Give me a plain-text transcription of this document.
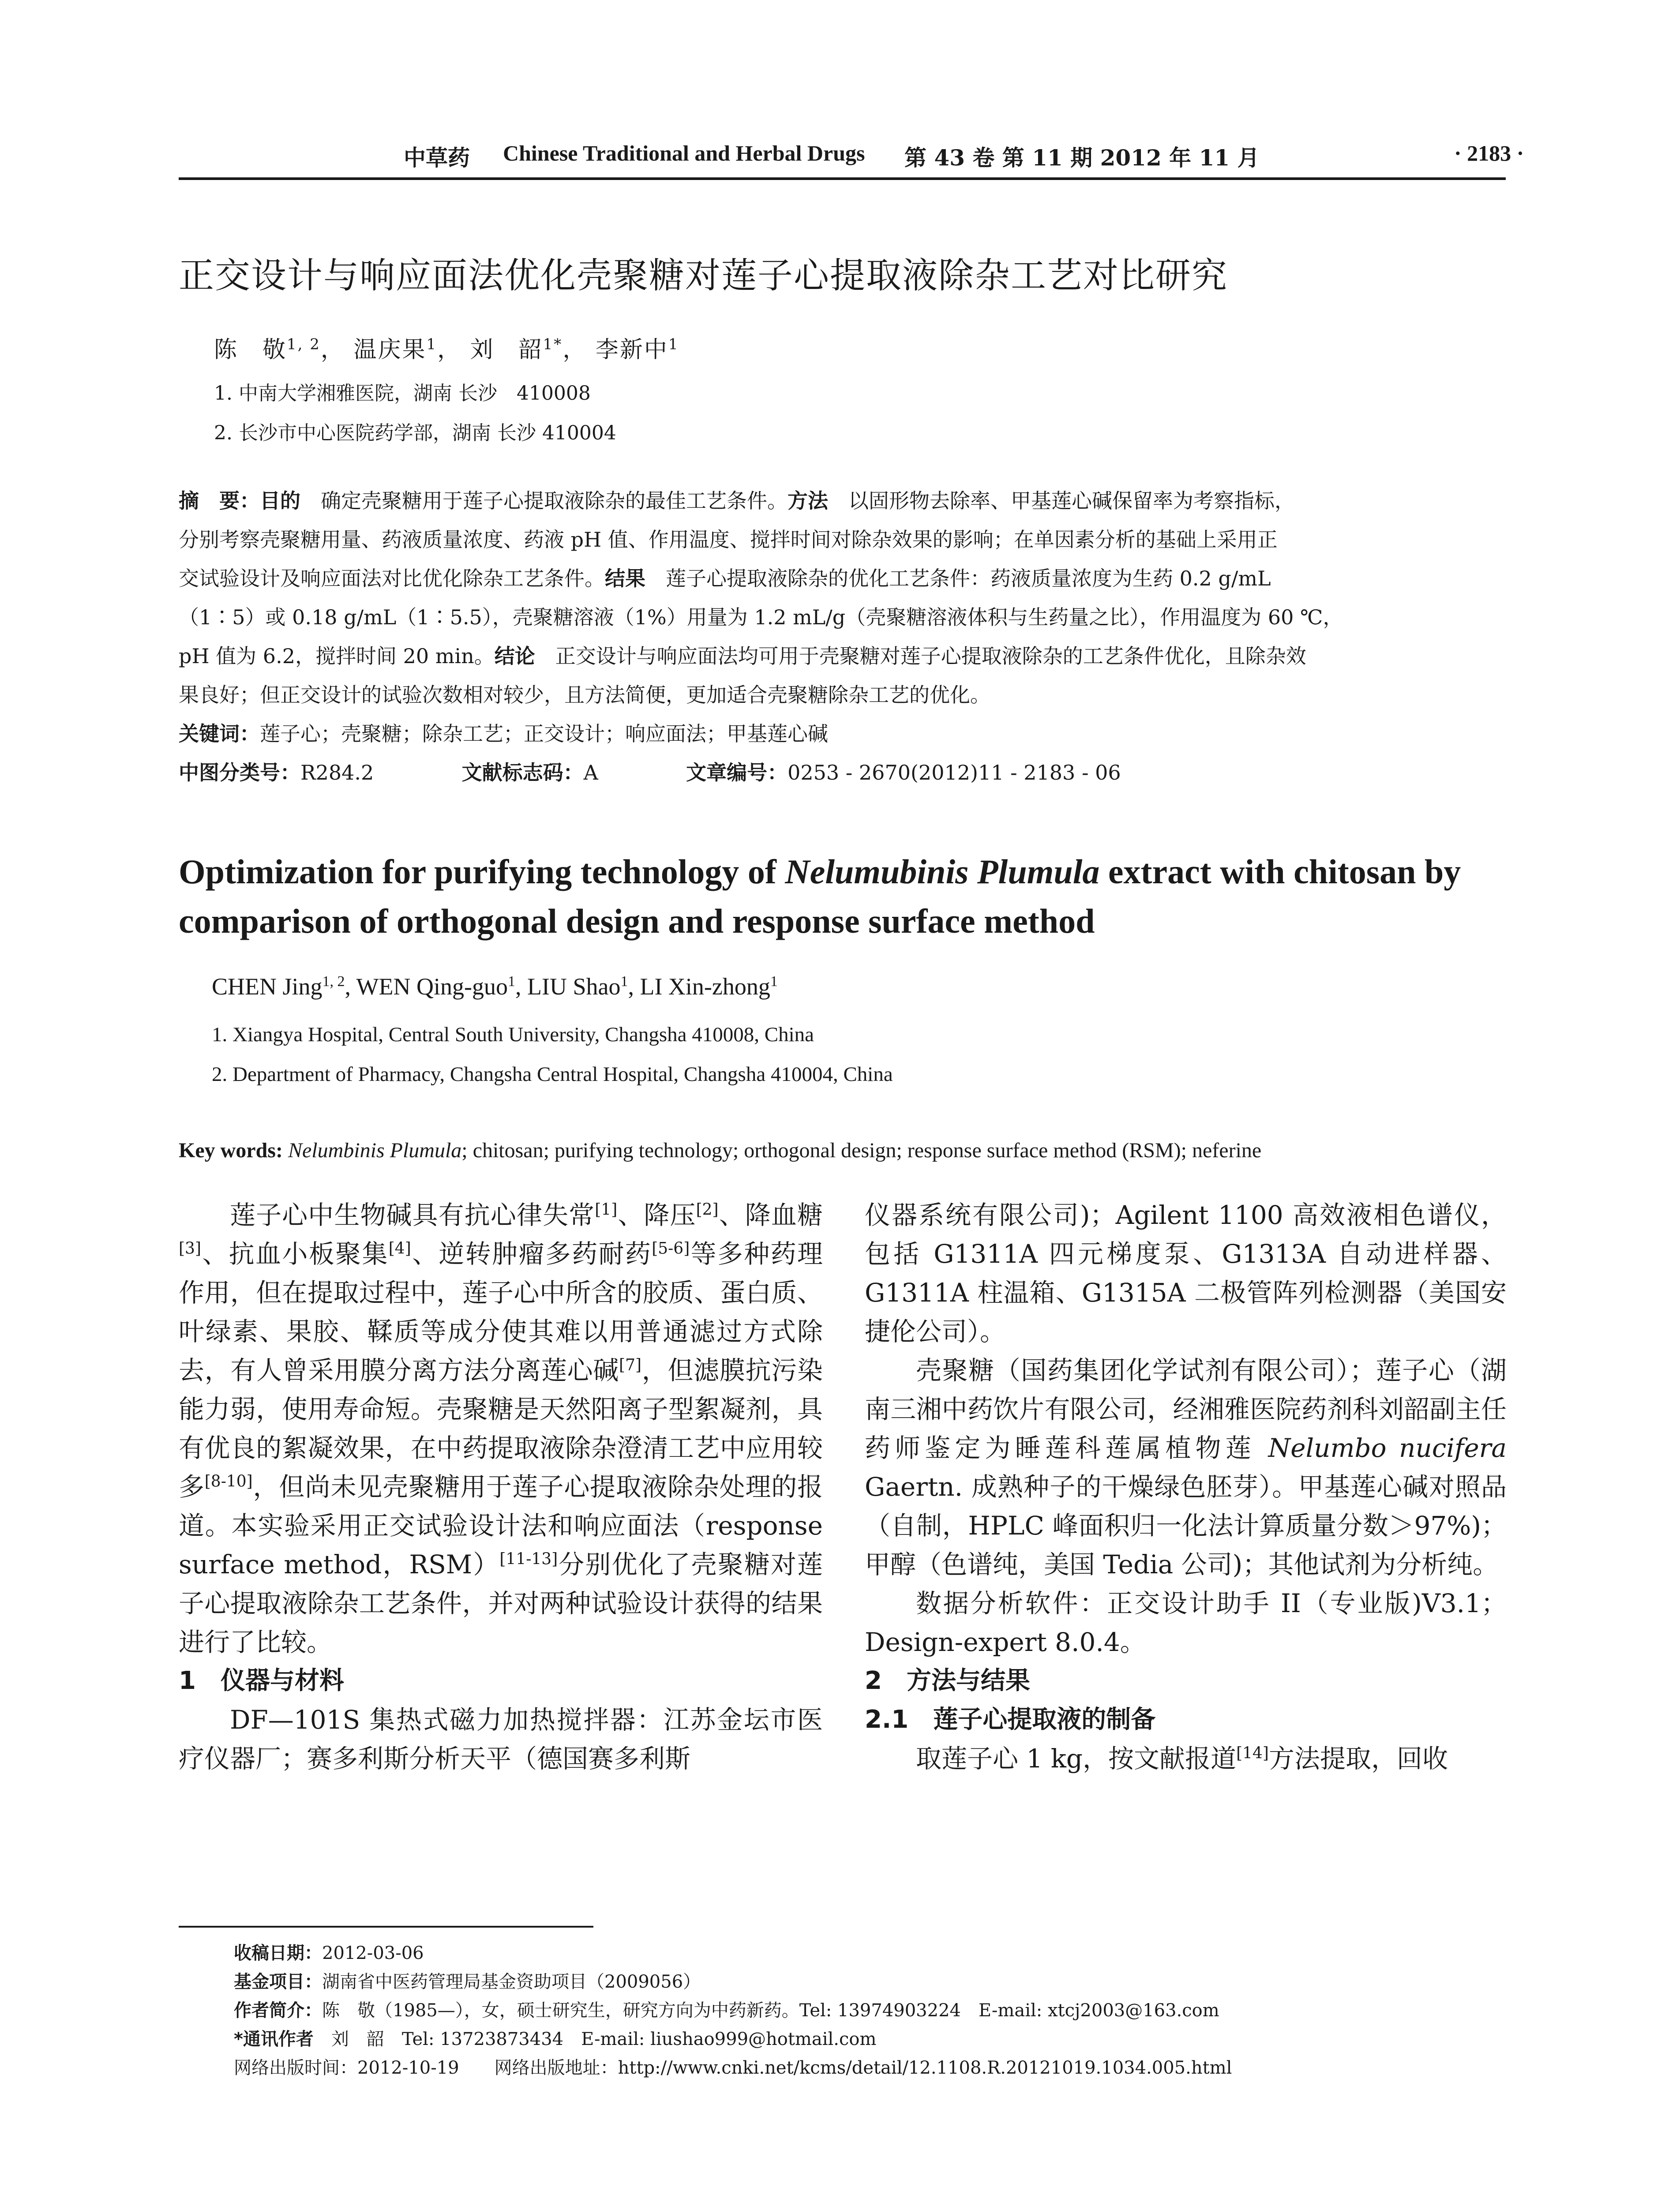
中草药 Chinese Traditional and Herbal Drugs 第 43 卷 第 11 期 2012 年 11 月	· 2183 ·
正交设计与响应面法优化壳聚糖对莲子心提取液除杂工艺对比研究
陈　敬$^{1, 2}$， 温庆果$^1$， 刘　韶$^{1*}$， 李新中$^1$
1. 中南大学湘雅医院，湖南 长沙　410008
2. 长沙市中心医院药学部，湖南 长沙 410004
摘　要：目的　 确定壳聚糖用于莲子心提取液除杂的最佳工艺条件。方法　 以固形物去除率、甲基莲心碱保留率为考察指标，
分别考察壳聚糖用量、药液质量浓度、药液 pH 值、作用温度、搅拌时间对除杂效果的影响；在单因素分析的基础上采用正
交试验设计及响应面法对比优化除杂工艺条件。结果　 莲子心提取液除杂的优化工艺条件：药液质量浓度为生药 0.2 g/mL
（1∶5）或 0.18 g/mL（1∶5.5），壳聚糖溶液（1%）用量为 1.2 mL/g（壳聚糖溶液体积与生药量之比），作用温度为 60 ℃，
pH 值为 6.2，搅拌时间 20 min。结论　 正交设计与响应面法均可用于壳聚糖对莲子心提取液除杂的工艺条件优化，且除杂效
果良好；但正交设计的试验次数相对较少，且方法简便，更加适合壳聚糖除杂工艺的优化。
关键词：莲子心；壳聚糖；除杂工艺；正交设计；响应面法；甲基莲心碱
中图分类号：R284.2	文献标志码：A	文章编号：0253 - 2670(2012)11 - 2183 - 06
Optimization for purifying technology of Nelumubinis Plumula extract with chitosan by comparison of orthogonal design and response surface method
CHEN Jing$^{1, 2}$, WEN Qing-guo$^1$, LIU Shao$^1$, LI Xin-zhong$^1$
1. Xiangya Hospital, Central South University, Changsha 410008, China
2. Department of Pharmacy, Changsha Central Hospital, Changsha 410004, China
Key words: Nelumbinis Plumula; chitosan; purifying technology; orthogonal design; response surface method (RSM); neferine

莲子心中生物碱具有抗心律失常[1]、降压[2]、降血糖[3]、抗血小板聚集[4]、逆转肿瘤多药耐药[5-6]等多种药理作用，但在提取过程中，莲子心中所含的胶质、蛋白质、叶绿素、果胶、鞣质等成分使其难以用普通滤过方式除去，有人曾采用膜分离方法分离莲心碱[7]，但滤膜抗污染能力弱，使用寿命短。壳聚糖是天然阳离子型絮凝剂，具有优良的絮凝效果，在中药提取液除杂澄清工艺中应用较多[8-10]，但尚未见壳聚糖用于莲子心提取液除杂处理的报道。本实验采用正交试验设计法和响应面法（response surface method，RSM）[11-13]分别优化了壳聚糖对莲子心提取液除杂工艺条件，并对两种试验设计获得的结果进行了比较。

1　仪器与材料

DF—101S 集热式磁力加热搅拌器：江苏金坛市医疗仪器厂；赛多利斯分析天平（德国赛多利斯

仪器系统有限公司)；Agilent 1100 高效液相色谱仪，包括 G1311A 四元梯度泵、G1313A 自动进样器、G1311A 柱温箱、G1315A 二极管阵列检测器（美国安捷伦公司）。

壳聚糖（国药集团化学试剂有限公司）；莲子心（湖南三湘中药饮片有限公司，经湘雅医院药剂科刘韶副主任药师鉴定为睡莲科莲属植物莲 Nelumbo nucifera Gaertn. 成熟种子的干燥绿色胚芽）。甲基莲心碱对照品（自制，HPLC 峰面积归一化法计算质量分数＞97%)；甲醇（色谱纯，美国 Tedia 公司)；其他试剂为分析纯。

数据分析软件：正交设计助手 II（专业版)V3.1；Design-expert 8.0.4。

2　方法与结果

2.1　莲子心提取液的制备

取莲子心 1 kg，按文献报道[14]方法提取，回收

收稿日期：2012-03-06
基金项目：湖南省中医药管理局基金资助项目（2009056）
作者简介：陈　敬（1985—），女，硕士研究生，研究方向为中药新药。Tel: 13974903224　E-mail: xtcj2003@163.com
*通讯作者　 刘　韶　Tel: 13723873434　E-mail: liushao999@hotmail.com
网络出版时间：2012-10-19　　 网络出版地址：http://www.cnki.net/kcms/detail/12.1108.R.20121019.1034.005.html
